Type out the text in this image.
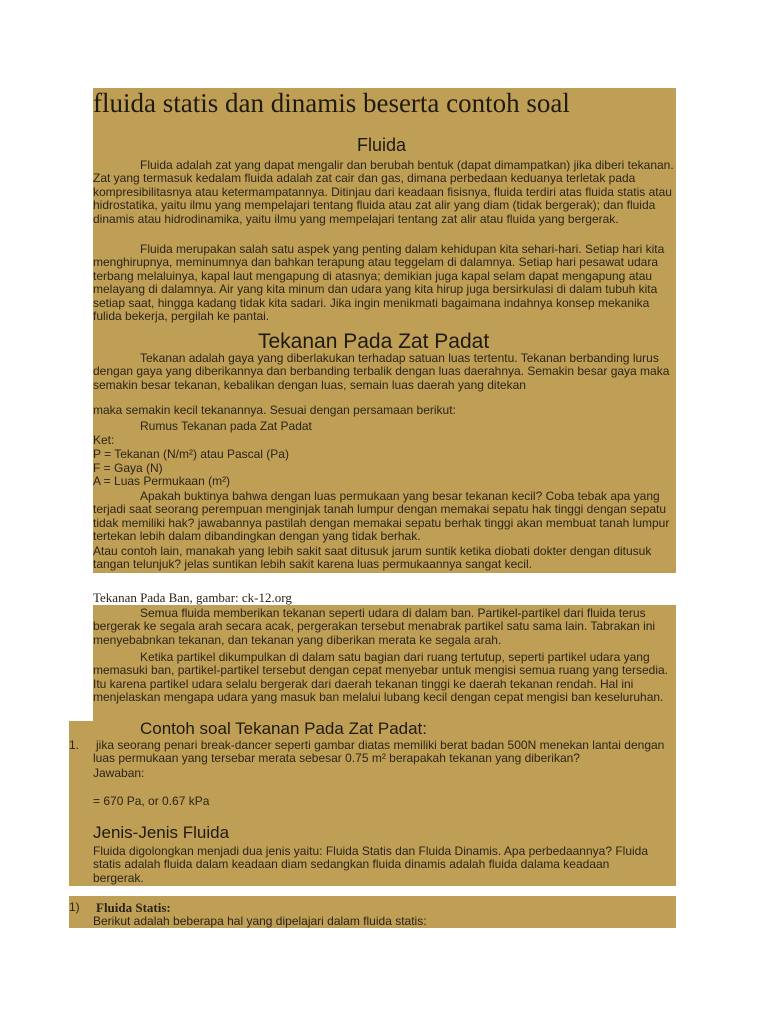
fluida statis dan dinamis beserta contoh soal
Fluida

Fluida adalah zat yang dapat mengalir dan berubah bentuk (dapat dimampatkan) jika diberi tekanan. Zat yang termasuk kedalam fluida adalah zat cair dan gas, dimana perbedaan keduanya terletak pada kompresibilitasnya atau ketermampatannya. Ditinjau dari keadaan fisisnya, fluida terdiri atas fluida statis atau hidrostatika, yaitu ilmu yang mempelajari tentang fluida atau zat alir yang diam (tidak bergerak); dan fluida dinamis atau hidrodinamika, yaitu ilmu yang mempelajari tentang zat alir atau fluida yang bergerak.

Fluida merupakan salah satu aspek yang penting dalam kehidupan kita sehari-hari. Setiap hari kita menghirupnya, meminumnya dan bahkan terapung atau teggelam di dalamnya. Setiap hari pesawat udara terbang melaluinya, kapal laut mengapung di atasnya; demikian juga kapal selam dapat mengapung atau melayang di dalamnya. Air yang kita minum dan udara yang kita hirup juga bersirkulasi di dalam tubuh kita setiap saat, hingga kadang tidak kita sadari. Jika ingin menikmati bagaimana indahnya konsep mekanika fulida bekerja, pergilah ke pantai.

Tekanan Pada Zat Padat

Tekanan adalah gaya yang diberlakukan terhadap satuan luas tertentu. Tekanan berbanding lurus dengan gaya yang diberikannya dan berbanding terbalik dengan luas daerahnya. Semakin besar gaya maka semakin besar tekanan, kebalikan dengan luas, semain luas daerah yang ditekan

maka semakin kecil tekanannya. Sesuai dengan persamaan berikut:
Rumus Tekanan pada Zat Padat
Ket:
P = Tekanan (N/m²) atau Pascal (Pa)
F = Gaya (N)
A = Luas Permukaan (m²)

Apakah buktinya bahwa dengan luas permukaan yang besar tekanan kecil? Coba tebak apa yang terjadi saat seorang perempuan menginjak tanah lumpur dengan memakai sepatu hak tinggi dengan sepatu tidak memiliki hak? jawabannya pastilah dengan memakai sepatu berhak tinggi akan membuat tanah lumpur tertekan lebih dalam dibandingkan dengan yang tidak berhak.

Atau contoh lain, manakah yang lebih sakit saat ditusuk jarum suntik ketika diobati dokter dengan ditusuk tangan telunjuk? jelas suntikan lebih sakit karena luas permukaannya sangat kecil.

Tekanan Pada Ban, gambar: ck-12.org

Semua fluida memberikan tekanan seperti udara di dalam ban. Partikel-partikel dari fluida terus bergerak ke segala arah secara acak, pergerakan tersebut menabrak partikel satu sama lain. Tabrakan ini menyebabnkan tekanan, dan tekanan yang diberikan merata ke segala arah.

Ketika partikel dikumpulkan di dalam satu bagian dari ruang tertutup, seperti partikel udara yang memasuki ban, partikel-partikel tersebut dengan cepat menyebar untuk mengisi semua ruang yang tersedia. Itu karena partikel udara selalu bergerak dari daerah tekanan tinggi ke daerah tekanan rendah. Hal ini menjelaskan mengapa udara yang masuk ban melalui lubang kecil dengan cepat mengisi ban keseluruhan.

Contoh soal Tekanan Pada Zat Padat:
1. jika seorang penari break-dancer seperti gambar diatas memiliki berat badan 500N menekan lantai dengan luas permukaan yang tersebar merata sebesar 0.75 m² berapakah tekanan yang diberikan?

Jawaban:
= 670 Pa, or 0.67 kPa
Jenis-Jenis Fluida

Fluida digolongkan menjadi dua jenis yaitu: Fluida Statis dan Fluida Dinamis. Apa perbedaannya? Fluida statis adalah fluida dalam keadaan diam sedangkan fluida dinamis adalah fluida dalama keadaan bergerak.

1) Fluida Statis:
Berikut adalah beberapa hal yang dipelajari dalam fluida statis:
